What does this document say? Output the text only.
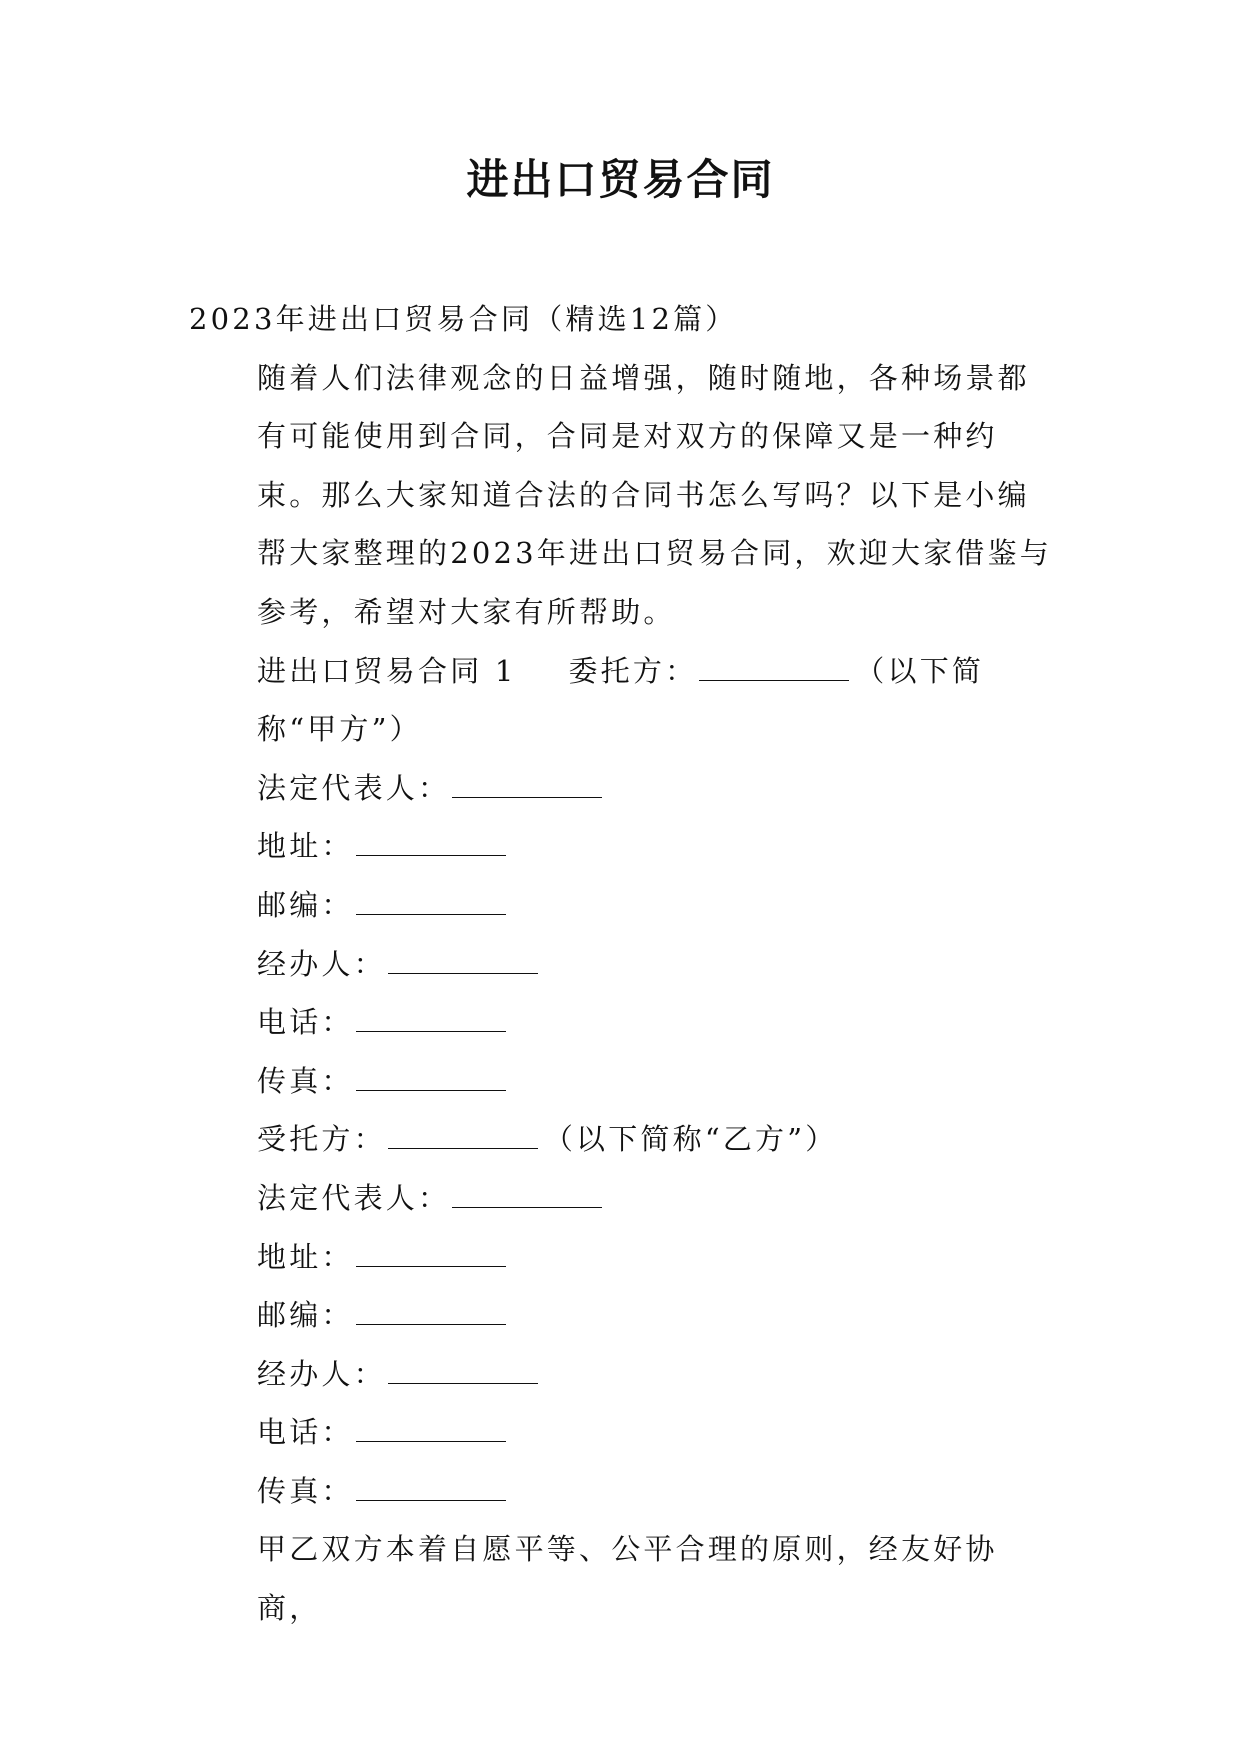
进出口贸易合同

2023年进出口贸易合同（精选12篇）

随着人们法律观念的日益增强，随时随地，各种场景都有可能使用到合同，合同是对双方的保障又是一种约束。那么大家知道合法的合同书怎么写吗？以下是小编帮大家整理的2023年进出口贸易合同，欢迎大家借鉴与参考，希望对大家有所帮助。

进出口贸易合同 1 委托方：	（以下简称“甲方”）

法定代表人：

地址：

邮编：

经办人：

电话：

传真：

受托方：	（以下简称“乙方”）

法定代表人：

地址：

邮编：

经办人：

电话：

传真：

甲乙双方本着自愿平等、公平合理的原则，经友好协商，
